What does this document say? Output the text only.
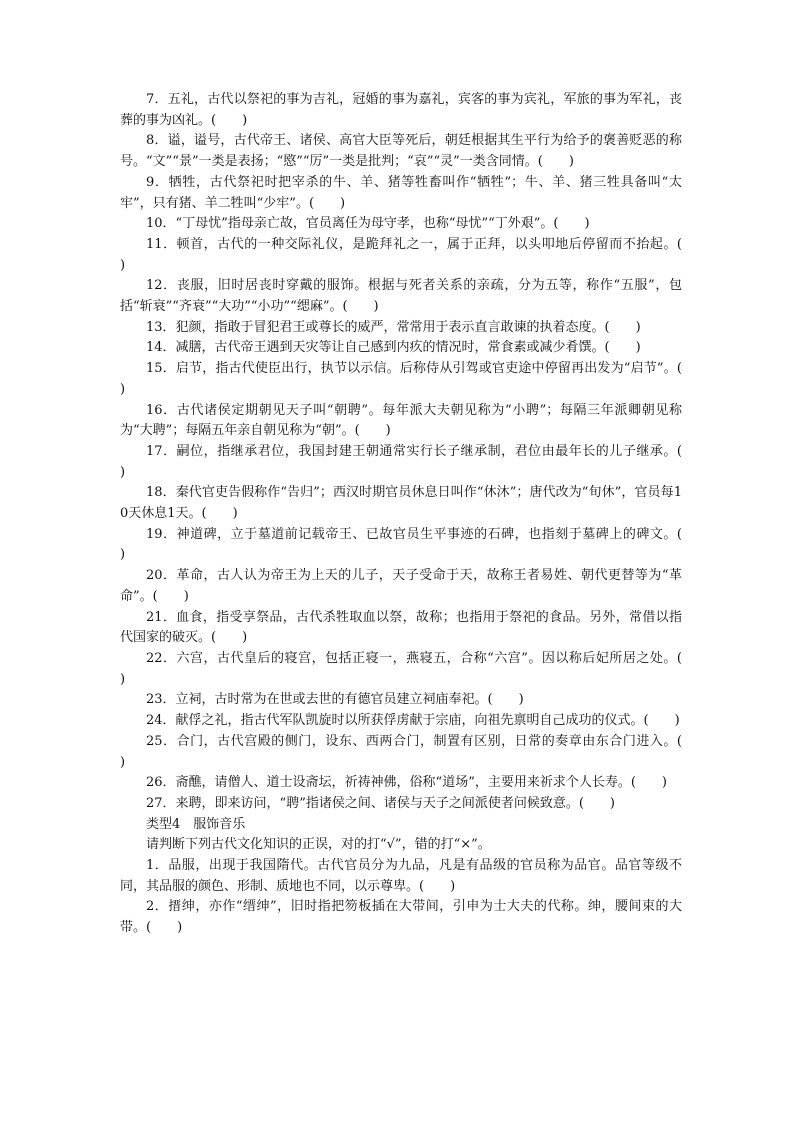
7．五礼，古代以祭祀的事为吉礼，冠婚的事为嘉礼，宾客的事为宾礼，军旅的事为军礼，丧葬的事为凶礼。(　　)

8．谥，谥号，古代帝王、诸侯、高官大臣等死后，朝廷根据其生平行为给予的褒善贬恶的称号。“文”“景”一类是表扬；“愍”“厉”一类是批判；“哀”“灵”一类含同情。(　　)

9．牺牲，古代祭祀时把宰杀的牛、羊、猪等牲畜叫作“牺牲”；牛、羊、猪三牲具备叫“太牢”，只有猪、羊二牲叫“少牢”。(　　)

10．“丁母忧”指母亲亡故，官员离任为母守孝，也称“母忧”“丁外艰”。(　　)

11．顿首，古代的一种交际礼仪，是跪拜礼之一，属于正拜，以头叩地后停留而不抬起。(　　)

12．丧服，旧时居丧时穿戴的服饰。根据与死者关系的亲疏，分为五等，称作“五服”，包括“斩衰”“齐衰”“大功”“小功”“缌麻”。(　　)

13．犯颜，指敢于冒犯君王或尊长的威严，常常用于表示直言敢谏的执着态度。(　　)

14．减膳，古代帝王遇到天灾等让自己感到内疚的情况时，常食素或减少肴馔。(　　)

15．启节，指古代使臣出行，执节以示信。后称侍从引驾或官吏途中停留再出发为“启节”。(　　)

16．古代诸侯定期朝见天子叫“朝聘”。每年派大夫朝见称为“小聘”；每隔三年派卿朝见称为“大聘”；每隔五年亲自朝见称为“朝”。(　　)

17．嗣位，指继承君位，我国封建王朝通常实行长子继承制，君位由最年长的儿子继承。(　　)

18．秦代官吏告假称作“告归”；西汉时期官员休息日叫作“休沐”；唐代改为“旬休”，官员每10天休息1天。(　　)

19．神道碑，立于墓道前记载帝王、已故官员生平事迹的石碑，也指刻于墓碑上的碑文。(　　)

20．革命，古人认为帝王为上天的儿子，天子受命于天，故称王者易姓、朝代更替等为“革命”。(　　)

21．血食，指受享祭品，古代杀牲取血以祭，故称；也指用于祭祀的食品。另外，常借以指代国家的破灭。(　　)

22．六宫，古代皇后的寝宫，包括正寝一，燕寝五，合称“六宫”。因以称后妃所居之处。(　　)

23．立祠，古时常为在世或去世的有德官员建立祠庙奉祀。(　　)

24．献俘之礼，指古代军队凯旋时以所获俘虏献于宗庙，向祖先禀明自己成功的仪式。(　　)

25．合门，古代宫殿的侧门，设东、西两合门，制置有区别，日常的奏章由东合门进入。(　　)

26．斋醮，请僧人、道士设斋坛，祈祷神佛，俗称“道场”，主要用来祈求个人长寿。(　　)

27．来聘，即来访问，“聘”指诸侯之间、诸侯与天子之间派使者问候致意。(　　)

类型4　服饰音乐

请判断下列古代文化知识的正误，对的打“√”，错的打“×”。

1．品服，出现于我国隋代。古代官员分为九品，凡是有品级的官员称为品官。品官等级不同，其品服的颜色、形制、质地也不同，以示尊卑。(　　)

2．搢绅，亦作“缙绅”，旧时指把笏板插在大带间，引申为士大夫的代称。绅，腰间束的大带。(　　)
